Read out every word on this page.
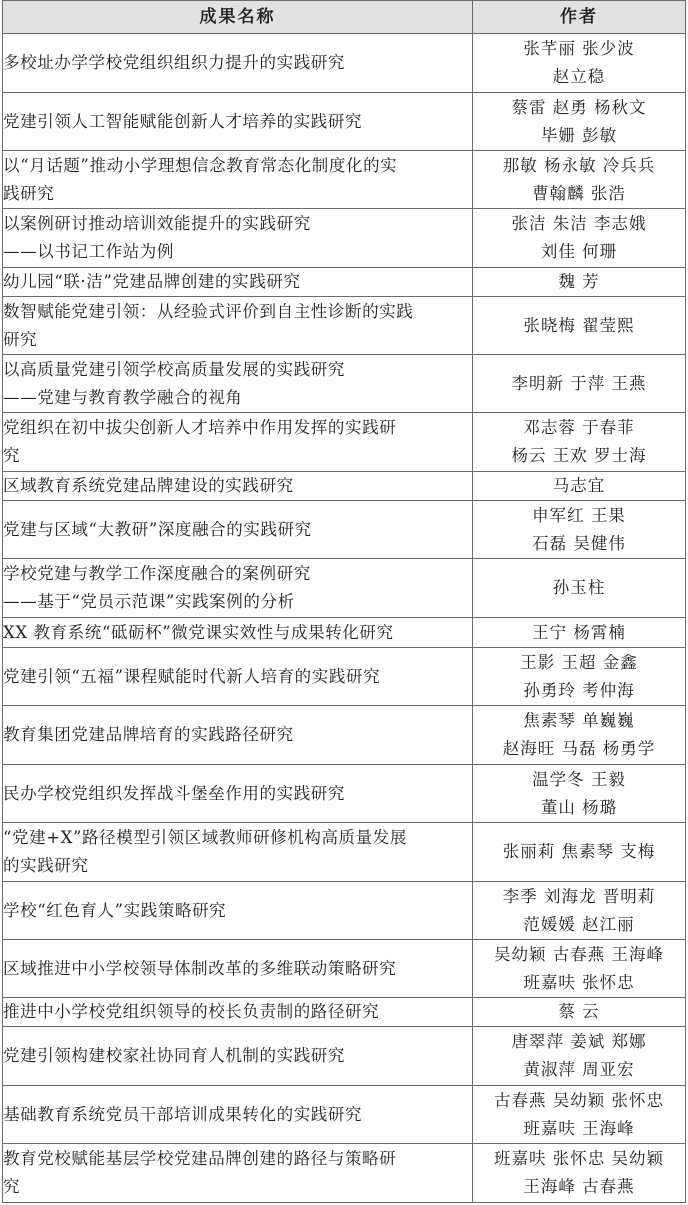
成果名称	作者

多校址办学学校党组织组织力提升的实践研究	张芊丽 张少波
赵立稳

党建引领人工智能赋能创新人才培养的实践研究	蔡雷 赵勇 杨秋文
毕姗 彭敏

以“月话题”推动小学理想信念教育常态化制度化的实
践研究	那敏 杨永敏 冷兵兵
曹翰麟 张浩

以案例研讨推动培训效能提升的实践研究
——以书记工作站为例	张洁 朱洁 李志娥
刘佳 何珊

幼儿园“联·洁”党建品牌创建的实践研究	魏 芳

数智赋能党建引领：从经验式评价到自主性诊断的实践
研究	张晓梅 翟莹熙

以高质量党建引领学校高质量发展的实践研究
——党建与教育教学融合的视角	李明新 于萍 王燕

党组织在初中拔尖创新人才培养中作用发挥的实践研
究	邓志蓉 于春菲
杨云 王欢 罗士海

区域教育系统党建品牌建设的实践研究	马志宜

党建与区域“大教研”深度融合的实践研究	申军红 王果
石磊 吴健伟

学校党建与教学工作深度融合的案例研究
——基于“党员示范课”实践案例的分析	孙玉柱

XX 教育系统“砥砺杯”微党课实效性与成果转化研究	王宁 杨霄楠

党建引领“五福”课程赋能时代新人培育的实践研究	王影 王超 金鑫
孙勇玲 考仲海

教育集团党建品牌培育的实践路径研究	焦素琴 单巍巍
赵海旺 马磊 杨勇学

民办学校党组织发挥战斗堡垒作用的实践研究	温学冬 王毅
董山 杨璐

“党建+X”路径模型引领区域教师研修机构高质量发展
的实践研究	张丽莉 焦素琴 支梅

学校“红色育人”实践策略研究	李季 刘海龙 晋明莉
范媛媛 赵江丽

区域推进中小学校领导体制改革的多维联动策略研究	吴幼颖 古春燕 王海峰
班嘉呋 张怀忠

推进中小学校党组织领导的校长负责制的路径研究	蔡 云

党建引领构建校家社协同育人机制的实践研究	唐翠萍 姜斌 郑娜
黄淑萍 周亚宏

基础教育系统党员干部培训成果转化的实践研究	古春燕 吴幼颖 张怀忠
班嘉呋 王海峰

教育党校赋能基层学校党建品牌创建的路径与策略研
究	班嘉呋 张怀忠 吴幼颖
王海峰 古春燕
